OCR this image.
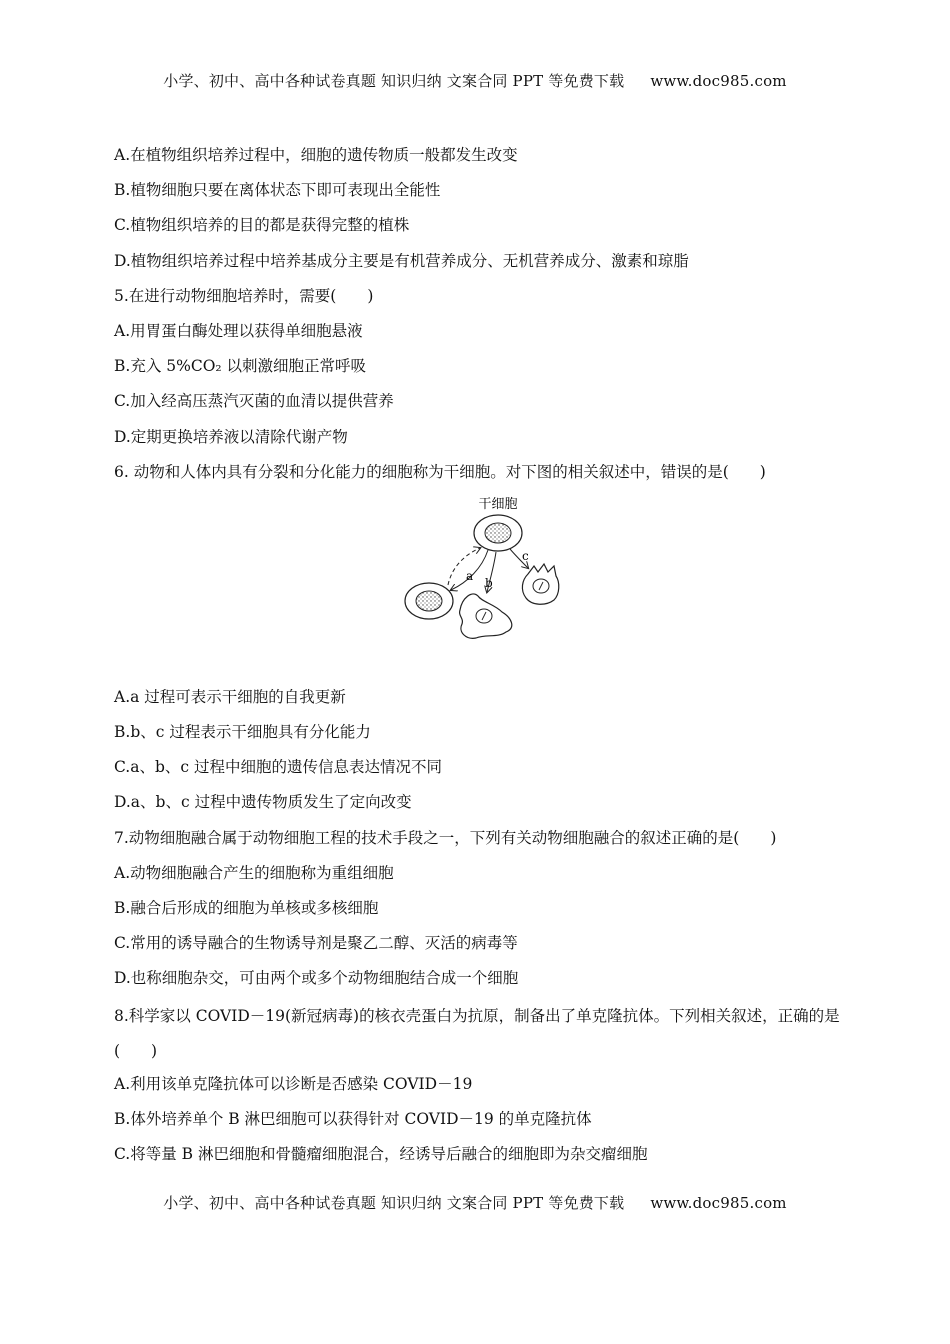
小学、初中、高中各种试卷真题 知识归纳 文案合同 PPT 等免费下载 www.doc985.com
A.在植物组织培养过程中，细胞的遗传物质一般都发生改变
B.植物细胞只要在离体状态下即可表现出全能性
C.植物组织培养的目的都是获得完整的植株
D.植物组织培养过程中培养基成分主要是有机营养成分、无机营养成分、激素和琼脂
5.在进行动物细胞培养时，需要(　　)
A.用胃蛋白酶处理以获得单细胞悬液
B.充入 5%CO₂ 以刺激细胞正常呼吸
C.加入经高压蒸汽灭菌的血清以提供营养
D.定期更换培养液以清除代谢产物
6. 动物和人体内具有分裂和分化能力的细胞称为干细胞。对下图的相关叙述中，错误的是(　　)
干细胞
a b
c
A.a 过程可表示干细胞的自我更新
B.b、c 过程表示干细胞具有分化能力
C.a、b、c 过程中细胞的遗传信息表达情况不同
D.a、b、c 过程中遗传物质发生了定向改变
7.动物细胞融合属于动物细胞工程的技术手段之一，下列有关动物细胞融合的叙述正确的是(　　)
A.动物细胞融合产生的细胞称为重组细胞
B.融合后形成的细胞为单核或多核细胞
C.常用的诱导融合的生物诱导剂是聚乙二醇、灭活的病毒等
D.也称细胞杂交，可由两个或多个动物细胞结合成一个细胞
8.科学家以 COVID－19(新冠病毒)的核衣壳蛋白为抗原，制备出了单克隆抗体。下列相关叙述，正确的是(　　)
A.利用该单克隆抗体可以诊断是否感染 COVID－19
B.体外培养单个 B 淋巴细胞可以获得针对 COVID－19 的单克隆抗体
C.将等量 B 淋巴细胞和骨髓瘤细胞混合，经诱导后融合的细胞即为杂交瘤细胞
小学、初中、高中各种试卷真题 知识归纳 文案合同 PPT 等免费下载 www.doc985.com
